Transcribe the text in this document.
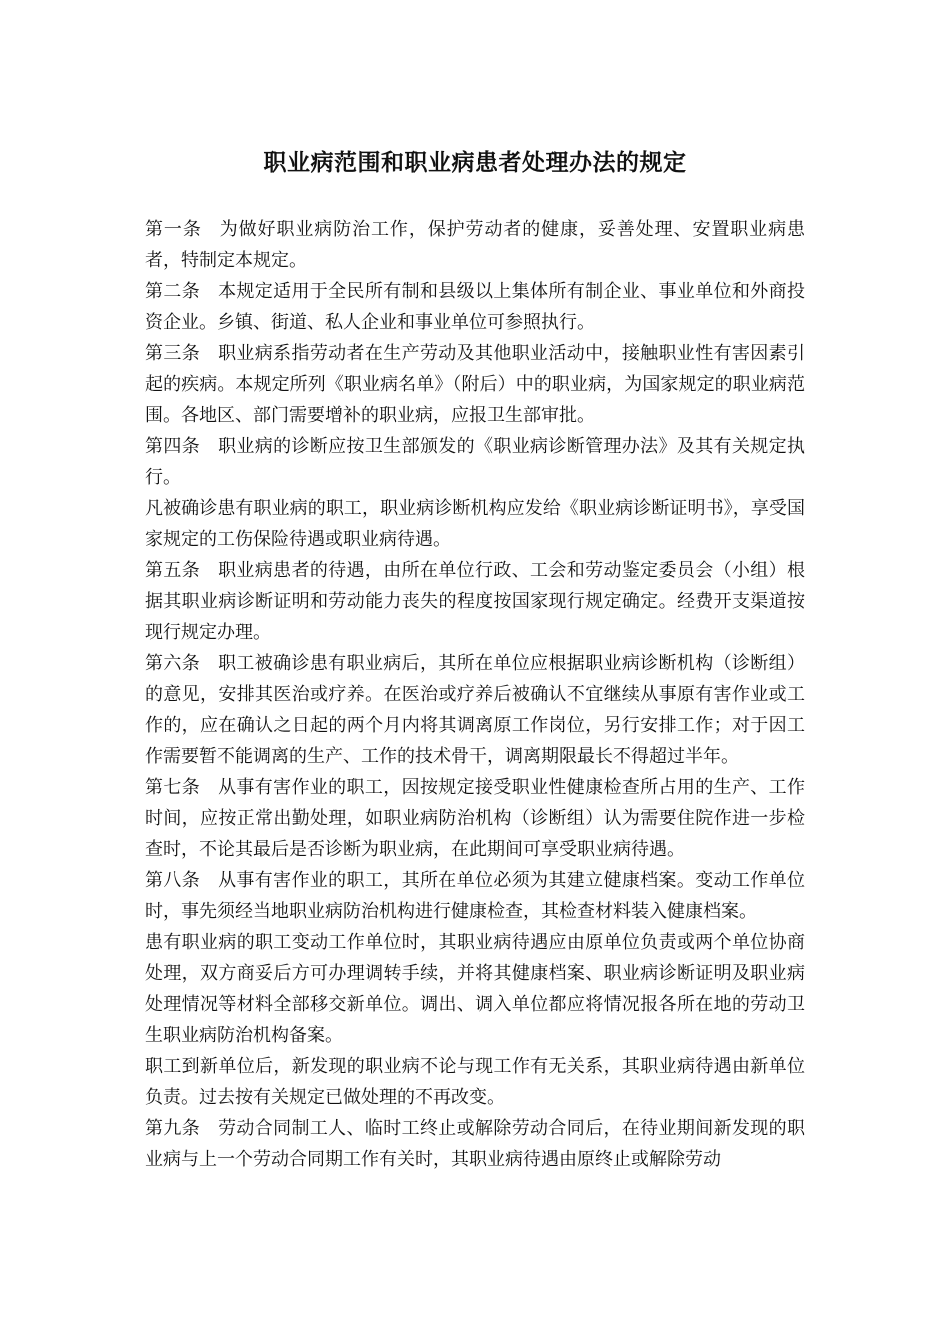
职业病范围和职业病患者处理办法的规定

第一条 为做好职业病防治工作，保护劳动者的健康，妥善处理、安置职业病患者，特制定本规定。

第二条 本规定适用于全民所有制和县级以上集体所有制企业、事业单位和外商投资企业。乡镇、街道、私人企业和事业单位可参照执行。

第三条 职业病系指劳动者在生产劳动及其他职业活动中，接触职业性有害因素引起的疾病。本规定所列《职业病名单》（附后）中的职业病，为国家规定的职业病范围。各地区、部门需要增补的职业病，应报卫生部审批。

第四条 职业病的诊断应按卫生部颁发的《职业病诊断管理办法》及其有关规定执行。

凡被确诊患有职业病的职工，职业病诊断机构应发给《职业病诊断证明书》，享受国家规定的工伤保险待遇或职业病待遇。

第五条 职业病患者的待遇，由所在单位行政、工会和劳动鉴定委员会（小组）根据其职业病诊断证明和劳动能力丧失的程度按国家现行规定确定。经费开支渠道按现行规定办理。

第六条 职工被确诊患有职业病后，其所在单位应根据职业病诊断机构（诊断组）的意见，安排其医治或疗养。在医治或疗养后被确认不宜继续从事原有害作业或工作的，应在确认之日起的两个月内将其调离原工作岗位，另行安排工作；对于因工作需要暂不能调离的生产、工作的技术骨干，调离期限最长不得超过半年。

第七条 从事有害作业的职工，因按规定接受职业性健康检查所占用的生产、工作时间，应按正常出勤处理，如职业病防治机构（诊断组）认为需要住院作进一步检查时，不论其最后是否诊断为职业病，在此期间可享受职业病待遇。

第八条 从事有害作业的职工，其所在单位必须为其建立健康档案。变动工作单位时，事先须经当地职业病防治机构进行健康检查，其检查材料装入健康档案。

患有职业病的职工变动工作单位时，其职业病待遇应由原单位负责或两个单位协商处理，双方商妥后方可办理调转手续，并将其健康档案、职业病诊断证明及职业病处理情况等材料全部移交新单位。调出、调入单位都应将情况报各所在地的劳动卫生职业病防治机构备案。

职工到新单位后，新发现的职业病不论与现工作有无关系，其职业病待遇由新单位负责。过去按有关规定已做处理的不再改变。

第九条 劳动合同制工人、临时工终止或解除劳动合同后，在待业期间新发现的职业病与上一个劳动合同期工作有关时，其职业病待遇由原终止或解除劳动
